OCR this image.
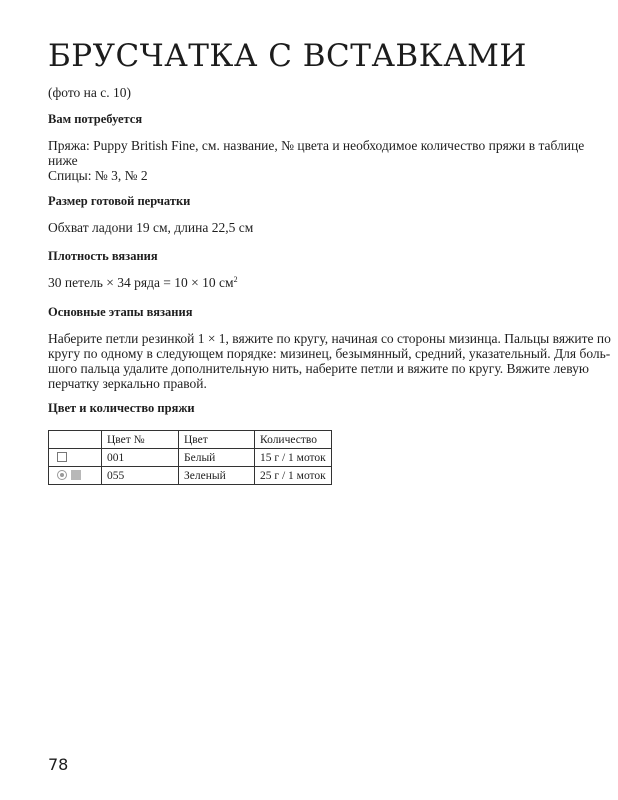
БРУСЧАТКА С ВСТАВКАМИ
(фото на с. 10)
Вам потребуется
Пряжа: Puppy British Fine, см. название, № цвета и необходимое количество пряжи в таблице
ниже
Спицы: № 3, № 2
Размер готовой перчатки
Обхват ладони 19 см, длина 22,5 см
Плотность вязания
30 петель × 34 ряда = 10 × 10 $см^2$
Основные этапы вязания
Наберите петли резинкой 1 × 1, вяжите по кругу, начиная со стороны мизинца. Пальцы вяжите по
кругу по одному в следующем порядке: мизинец, безымянный, средний, указательный. Для боль-
шого пальца удалите дополнительную нить, наберите петли и вяжите по кругу. Вяжите левую
перчатку зеркально правой.
Цвет и количество пряжи
	Цвет №	Цвет	Количество
	001	Белый	15 г / 1 моток
	055	Зеленый	25 г / 1 моток
78
